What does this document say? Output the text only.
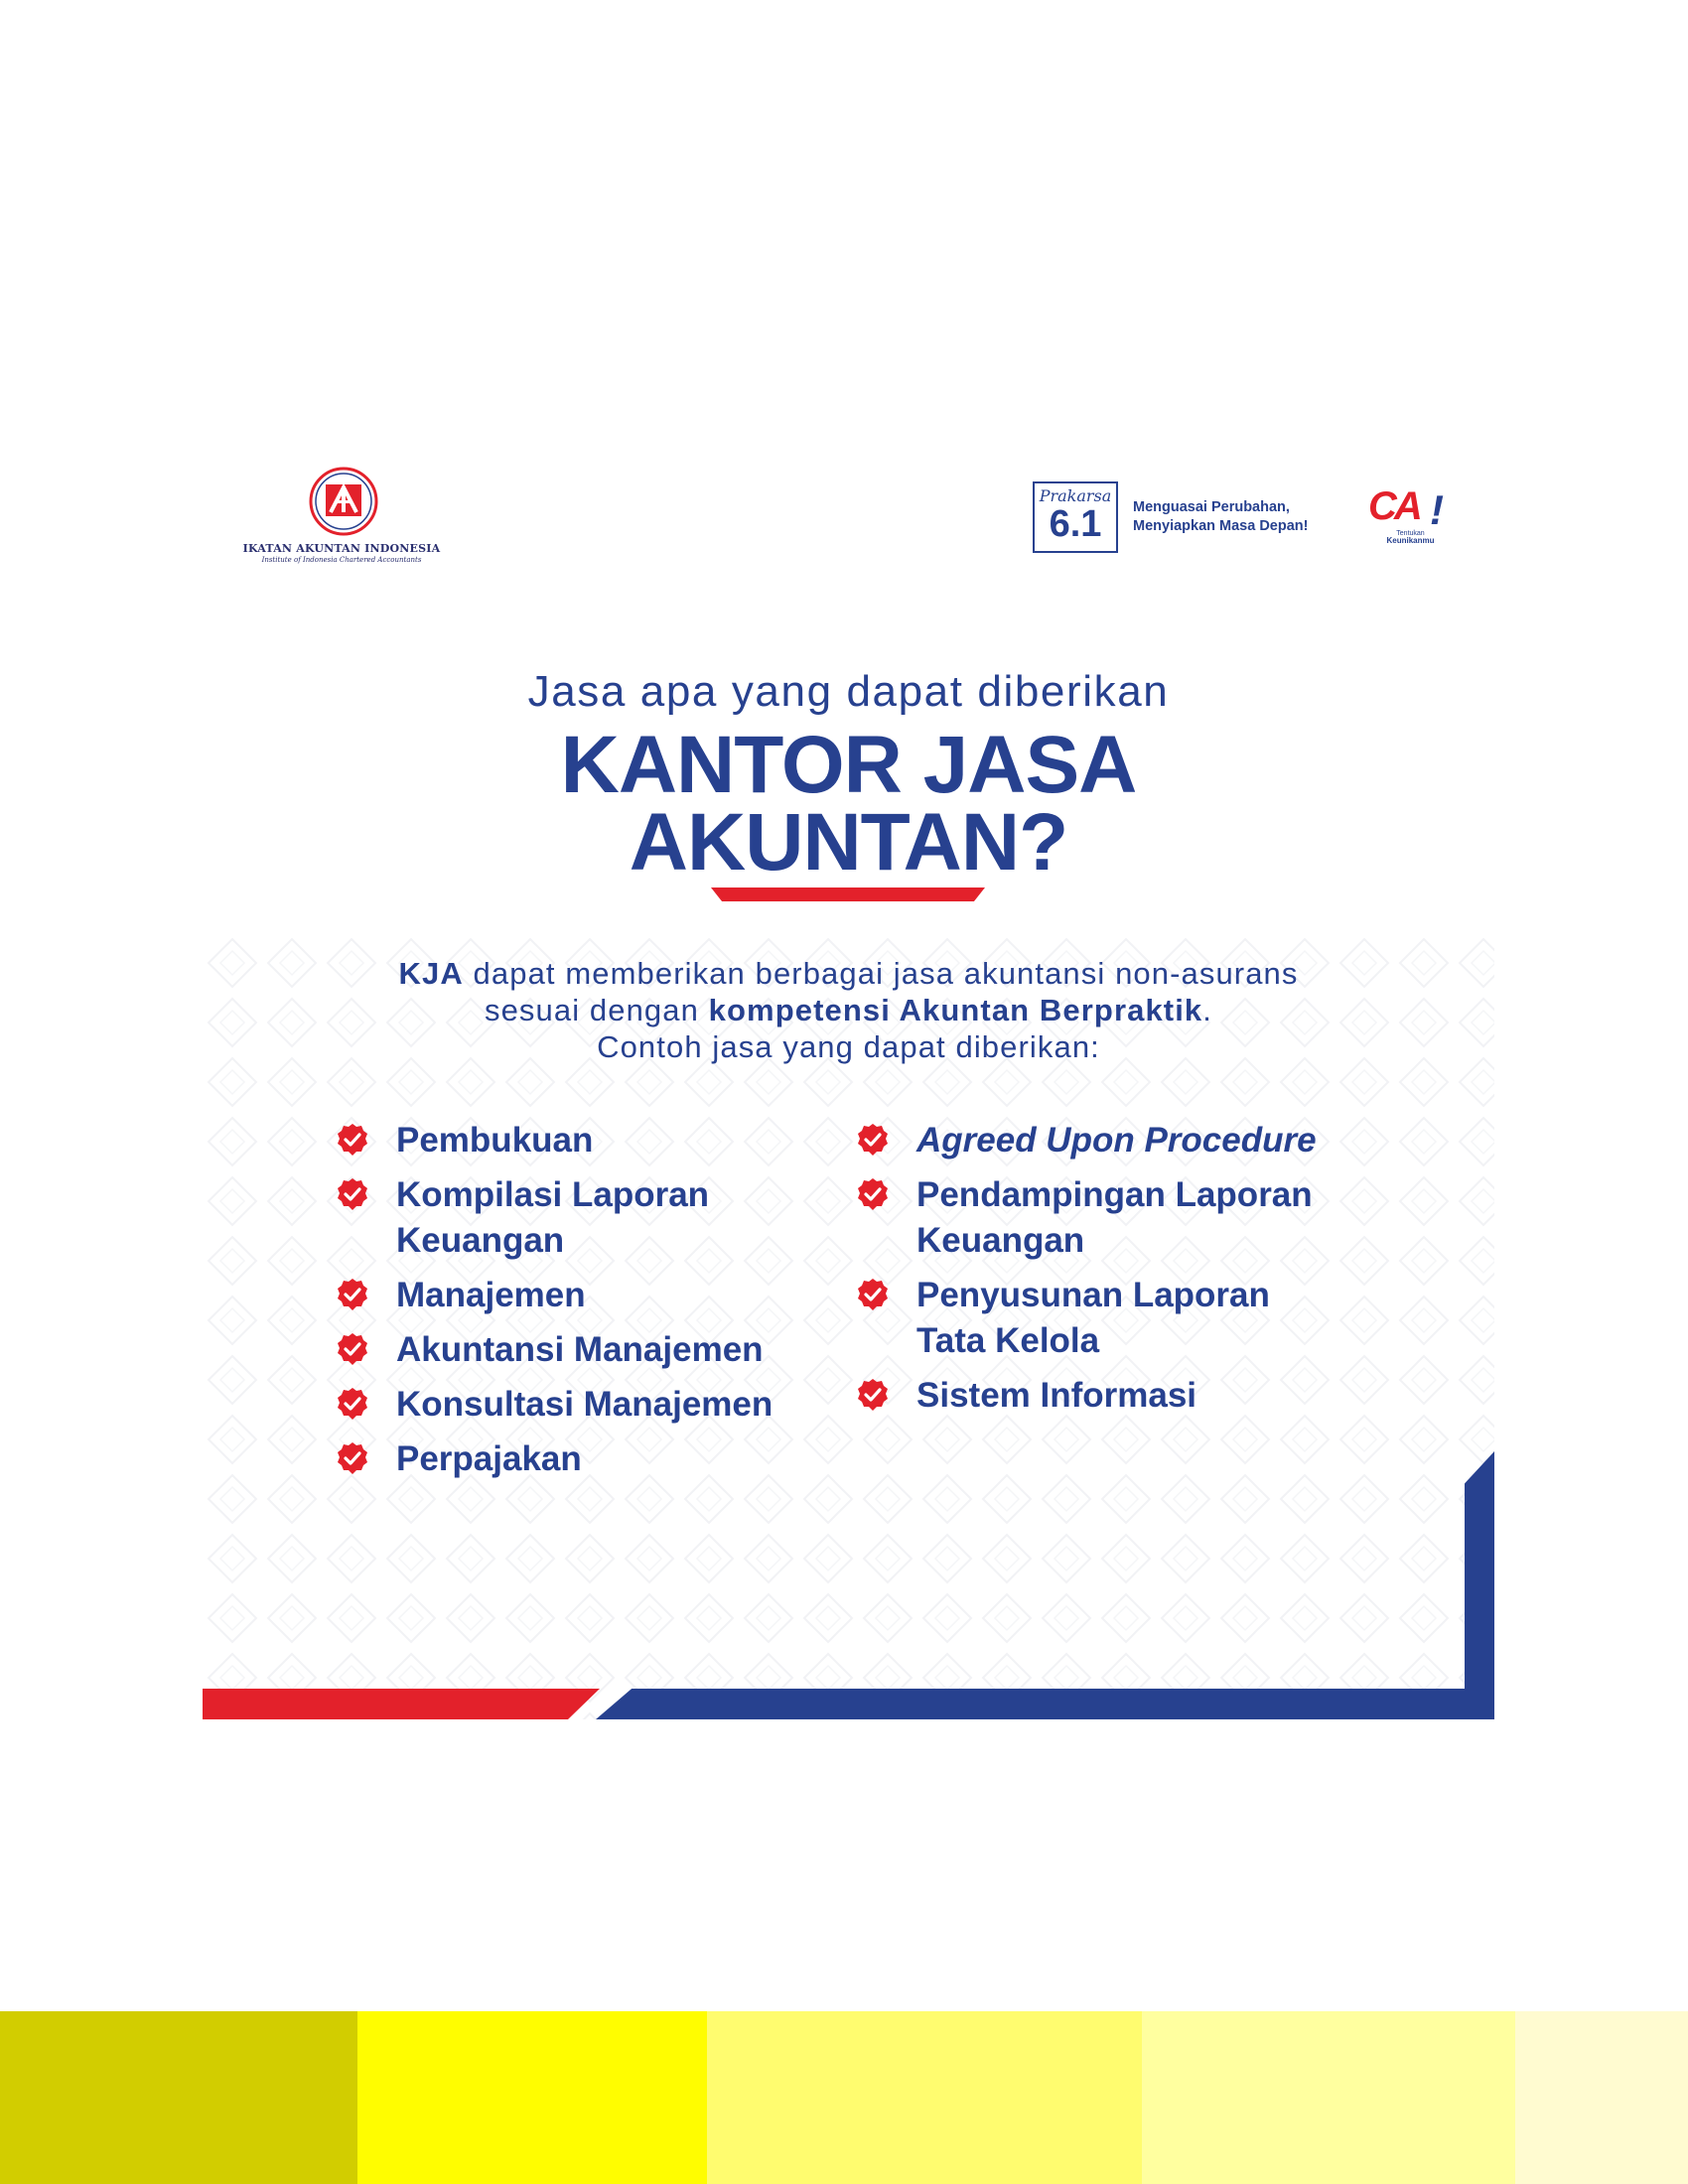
IKATAN AKUNTAN INDONESIA
Institute of Indonesia Chartered Accountants
Prakarsa
6.1	Menguasai Perubahan,
Menyiapkan Masa Depan!	CA !
Tentukan
Keunikanmu
Jasa apa yang dapat diberikan
KANTOR JASA
AKUNTAN?
KJA dapat memberikan berbagai jasa akuntansi non-asurans
sesuai dengan kompetensi Akuntan Berpraktik.
Contoh jasa yang dapat diberikan:
Pembukuan
Kompilasi Laporan Keuangan
Manajemen
Akuntansi Manajemen
Konsultasi Manajemen
Perpajakan
Agreed Upon Procedure
Pendampingan Laporan Keuangan
Penyusunan Laporan Tata Kelola
Sistem Informasi
